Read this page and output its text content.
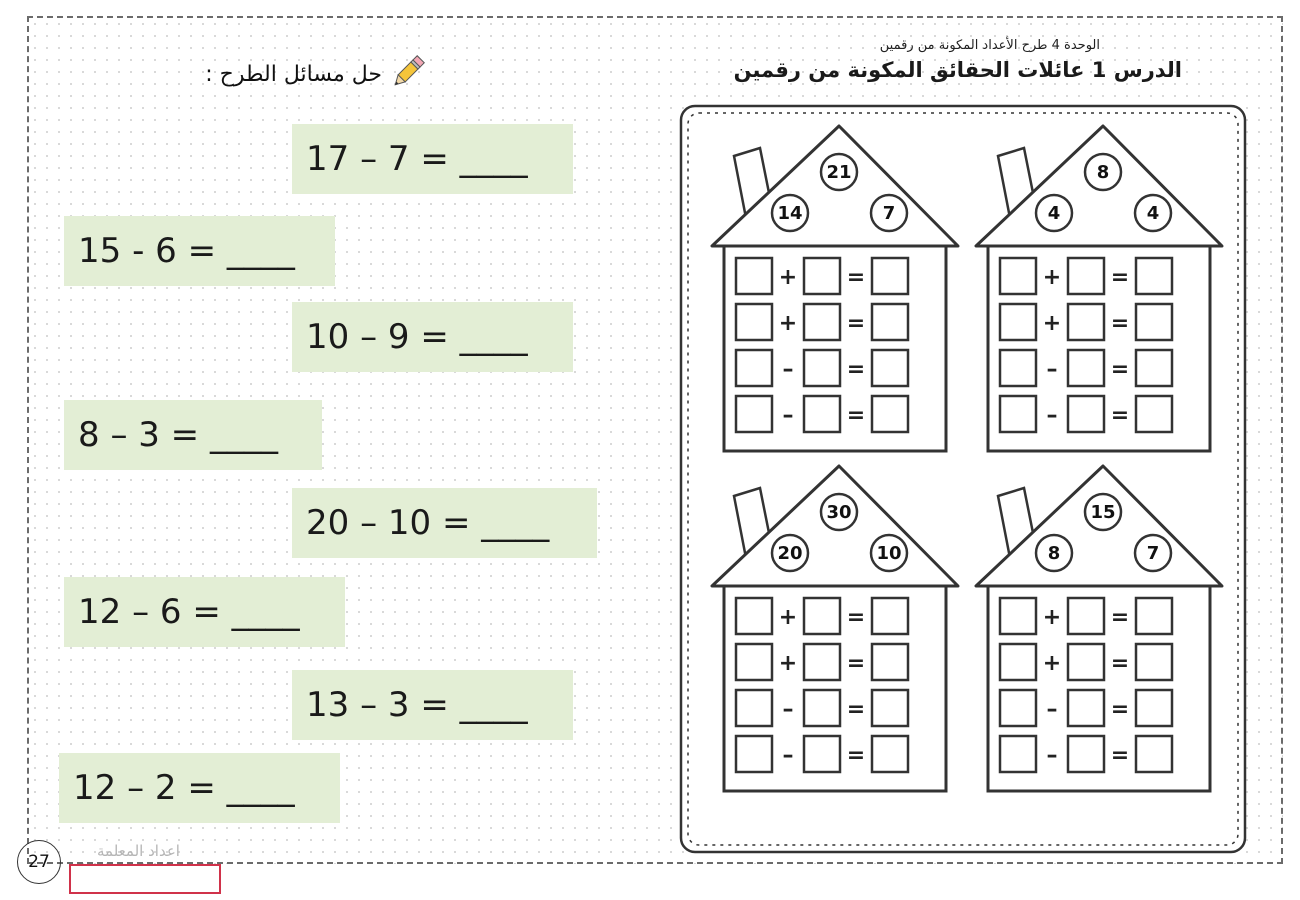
الوحدة 4 طرح الأعداد المكونة من رقمين
الدرس 1 عائلات الحقائق المكونة من رقمين
حل مسائل الطرح :
17 – 7 = ____
15 - 6 = ____
10 – 9 = ____
8 – 3 = ____
20 – 10 = ____
12 – 6 = ____
13 – 3 = ____
12 – 2 = ____
21
14	7
+ =
+ =
– =
– =
8
4	4
+ =
+ =
– =
– =
30
20	10
+ =
+ =
– =
– =
15
8	7
+ =
+ =
– =
– =
27
اعداد المعلمة
